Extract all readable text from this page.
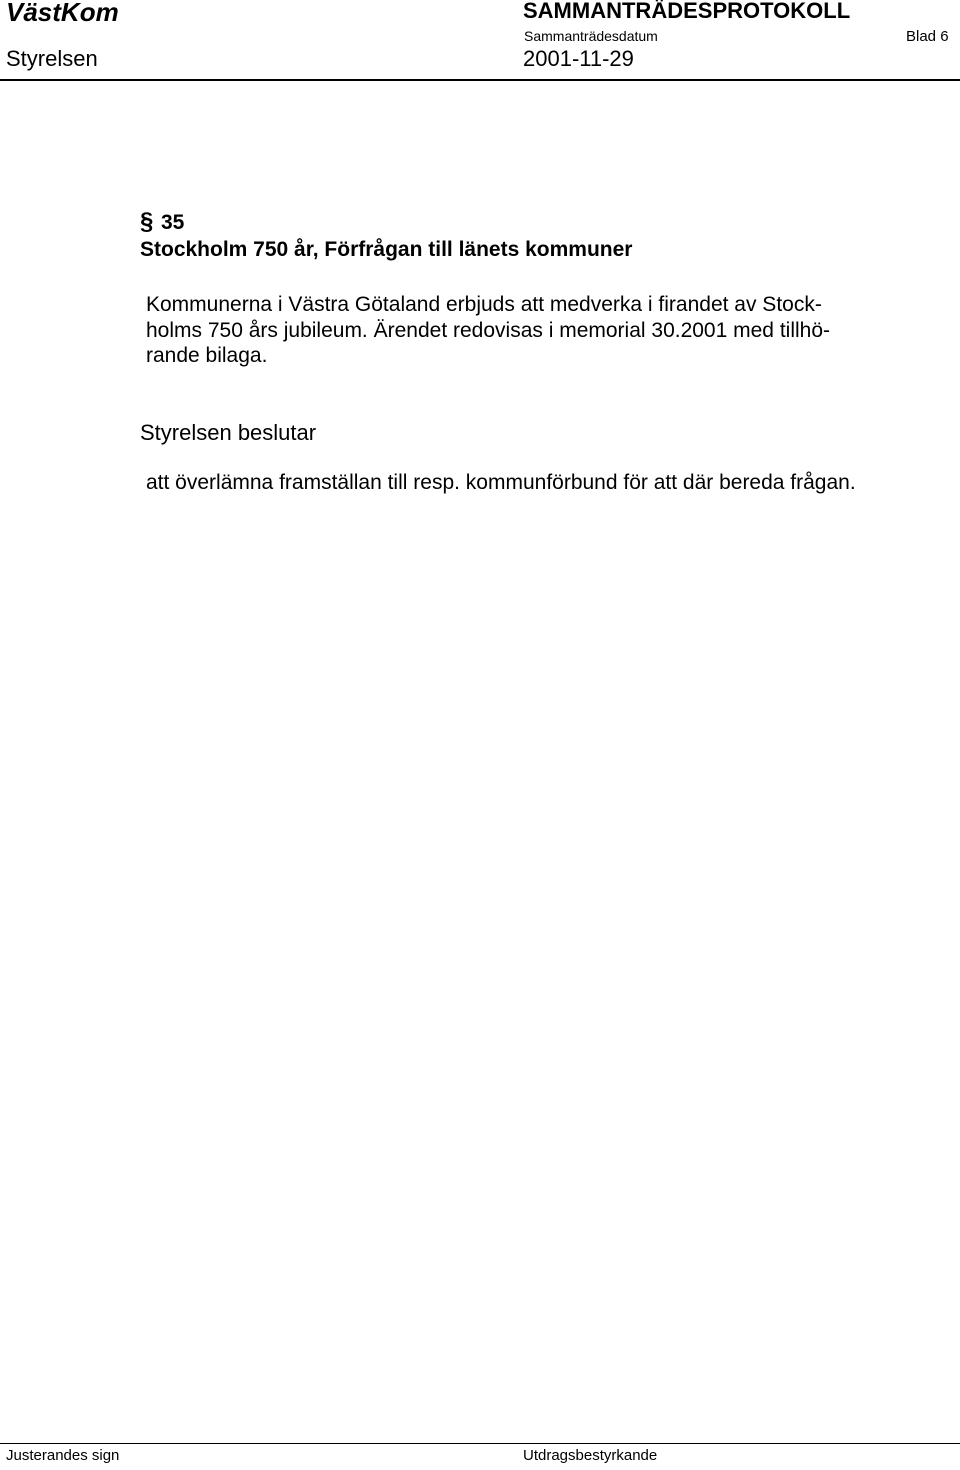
VästKom	SAMMANTRÄDESPROTOKOLL
Sammanträdesdatum	Blad 6
Styrelsen	2001-11-29
§ 35
Stockholm 750 år, Förfrågan till länets kommuner
Kommunerna i Västra Götaland erbjuds att medverka i firandet av Stock-
holms 750 års jubileum. Ärendet redovisas i memorial 30.2001 med tillhö-
rande bilaga.
Styrelsen beslutar
att överlämna framställan till resp. kommunförbund för att där bereda frågan.
Justerandes sign	Utdragsbestyrkande
